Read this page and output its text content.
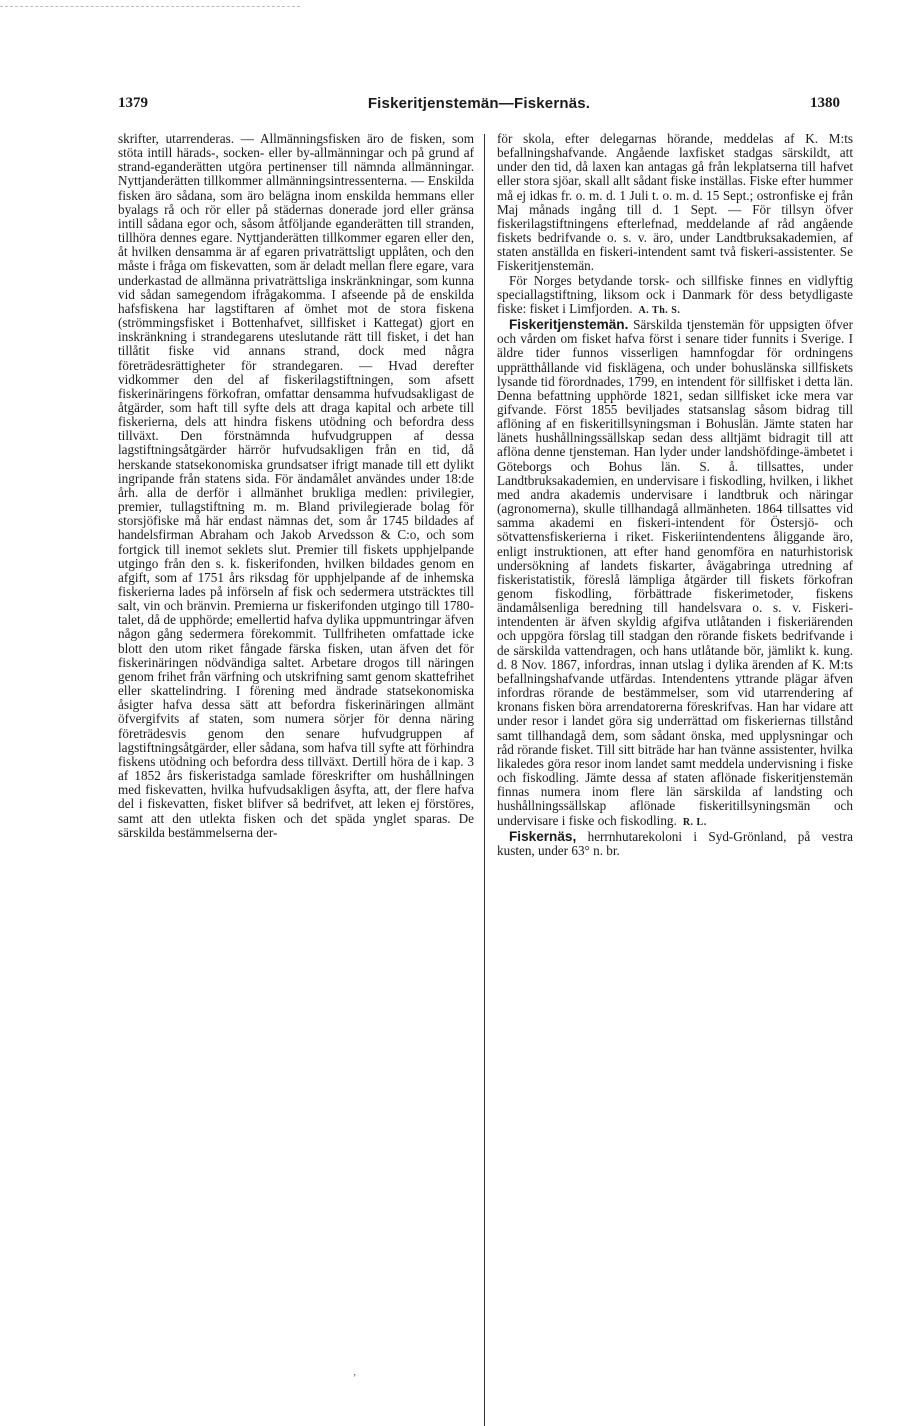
1379	Fiskeritjenstemän—Fiskernäs.	1380

skrifter, utarrenderas. — Allmänningsfisken äro de fisken, som stöta intill härads-, socken- eller by-allmänningar och på grund af strand-eganderätten utgöra pertinenser till nämnda allmänningar. Nyttjanderätten tillkommer allmänningsintressenterna. — Enskilda fisken äro sådana, som äro belägna inom enskilda hemmans eller byalags rå och rör eller på städernas donerade jord eller gränsa intill sådana egor och, såsom åtföljande eganderätten till stranden, tillhöra dennes egare. Nyttjanderätten tillkommer egaren eller den, åt hvilken densamma är af egaren privaträttsligt upplåten, och den måste i fråga om fiskevatten, som är deladt mellan flere egare, vara underkastad de allmänna privaträttsliga inskränkningar, som kunna vid sådan samegendom ifrågakomma. I afseende på de enskilda hafsfiskena har lagstiftaren af ömhet mot de stora fiskena (strömmingsfisket i Bottenhafvet, sillfisket i Kattegat) gjort en inskränkning i strandegarens uteslutande rätt till fisket, i det han tillåtit fiske vid annans strand, dock med några företrädesrättigheter för strandegaren. — Hvad derefter vidkommer den del af fiskerilagstiftningen, som afsett fiskerinäringens förkofran, omfattar densamma hufvudsakligast de åtgärder, som haft till syfte dels att draga kapital och arbete till fiskerierna, dels att hindra fiskens utödning och befordra dess tillväxt. Den förstnämnda hufvudgruppen af dessa lagstiftningsåtgärder härrör hufvudsakligen från en tid, då herskande statsekonomiska grundsatser ifrigt manade till ett dylikt ingripande från statens sida. För ändamålet användes under 18:de årh. alla de derför i allmänhet brukliga medlen: privilegier, premier, tullagstiftning m. m. Bland privilegierade bolag för storsjöfiske må här endast nämnas det, som år 1745 bildades af handelsfirman Abraham och Jakob Arvedsson & C:o, och som fortgick till inemot seklets slut. Premier till fiskets upphjelpande utgingo från den s. k. fiskerifonden, hvilken bildades genom en afgift, som af 1751 års riksdag för upphjelpande af de inhemska fiskerierna lades på införseln af fisk och sedermera utsträcktes till salt, vin och bränvin. Premierna ur fiskerifonden utgingo till 1780-talet, då de upphörde; emellertid hafva dylika uppmuntringar äfven någon gång sedermera förekommit. Tullfriheten omfattade icke blott den utom riket fångade färska fisken, utan äfven det för fiskerinäringen nödvändiga saltet. Arbetare drogos till näringen genom frihet från värfning och utskrifning samt genom skattefrihet eller skattelindring. I förening med ändrade statsekonomiska åsigter hafva dessa sätt att befordra fiskerinäringen allmänt öfvergifvits af staten, som numera sörjer för denna näring företrädesvis genom den senare hufvudgruppen af lagstiftningsåtgärder, eller sådana, som hafva till syfte att förhindra fiskens utödning och befordra dess tillväxt. Dertill höra de i kap. 3 af 1852 års fiskeristadga samlade föreskrifter om hushållningen med fiskevatten, hvilka hufvudsakligen åsyfta, att, der flere hafva del i fiskevatten, fisket blifver så bedrifvet, att leken ej förstöres, samt att den utlekta fisken och det späda ynglet sparas. De särskilda bestämmelserna der-

för skola, efter delegarnas hörande, meddelas af K. M:ts befallningshafvande. Angående laxfisket stadgas särskildt, att under den tid, då laxen kan antagas gå från lekplatserna till hafvet eller stora sjöar, skall allt sådant fiske inställas. Fiske efter hummer må ej idkas fr. o. m. d. 1 Juli t. o. m. d. 15 Sept.; ostronfiske ej från Maj månads ingång till d. 1 Sept. — För tillsyn öfver fiskerilagstiftningens efterlefnad, meddelande af råd angående fiskets bedrifvande o. s. v. äro, under Landtbruksakademien, af staten anställda en fiskeri-intendent samt två fiskeri-assistenter. Se Fiskeritjenstemän.

För Norges betydande torsk- och sillfiske finnes en vidlyftig speciallagstiftning, liksom ock i Danmark för dess betydligaste fiske: fisket i Limfjorden. A. Th. S.

Fiskeritjenstemän. Särskilda tjenstemän för uppsigten öfver och vården om fisket hafva först i senare tider funnits i Sverige. I äldre tider funnos visserligen hamnfogdar för ordningens upprätthållande vid fisklägena, och under bohuslänska sillfiskets lysande tid förordnades, 1799, en intendent för sillfisket i detta län. Denna befattning upphörde 1821, sedan sillfisket icke mera var gifvande. Först 1855 beviljades statsanslag såsom bidrag till aflöning af en fiskeritillsyningsman i Bohuslän. Jämte staten har länets hushållningssällskap sedan dess alltjämt bidragit till att aflöna denne tjensteman. Han lyder under landshöfdinge-ämbetet i Göteborgs och Bohus län. S. å. tillsattes, under Landtbruksakademien, en undervisare i fiskodling, hvilken, i likhet med andra akademis undervisare i landtbruk och näringar (agronomerna), skulle tillhandagå allmänheten. 1864 tillsattes vid samma akademi en fiskeri-intendent för Östersjö- och sötvattensfiskerierna i riket. Fiskeriintendentens åliggande äro, enligt instruktionen, att efter hand genomföra en naturhistorisk undersökning af landets fiskarter, åvägabringa utredning af fiskeristatistik, föreslå lämpliga åtgärder till fiskets förkofran genom fiskodling, förbättrade fiskerimetoder, fiskens ändamålsenliga beredning till handelsvara o. s. v. Fiskeri-intendenten är äfven skyldig afgifva utlåtanden i fiskeriärenden och uppgöra förslag till stadgan den rörande fiskets bedrifvande i de särskilda vattendragen, och hans utlåtande bör, jämlikt k. kung. d. 8 Nov. 1867, infordras, innan utslag i dylika ärenden af K. M:ts befallningshafvande utfärdas. Intendentens yttrande plägar äfven infordras rörande de bestämmelser, som vid utarrendering af kronans fisken böra arrendatorerna föreskrifvas. Han har vidare att under resor i landet göra sig underrättad om fiskeriernas tillstånd samt tillhandagå dem, som sådant önska, med upplysningar och råd rörande fisket. Till sitt biträde har han tvänne assistenter, hvilka likaledes göra resor inom landet samt meddela undervisning i fiske och fiskodling. Jämte dessa af staten aflönade fiskeritjenstemän finnas numera inom flere län särskilda af landsting och hushållningssällskap aflönade fiskeritillsyningsmän och undervisare i fiske och fiskodling. R. L.

Fiskernäs, herrnhutarekoloni i Syd-Grönland, på vestra kusten, under 63° n. br.

ʼ
